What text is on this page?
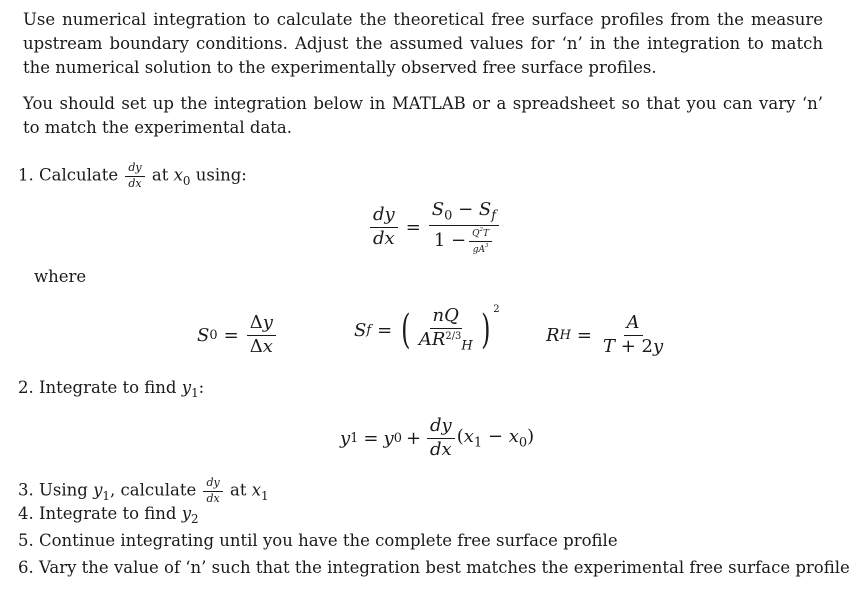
Use numerical integration to calculate the theoretical free surface profiles from the measure upstream boundary conditions. Adjust the assumed values for ‘n’ in the integration to match the numerical solution to the experimentally observed free surface profiles.
You should set up the integration below in MATLAB or a spreadsheet so that you can vary ‘n’ to match the experimental data.
1. Calculate $\frac{dy}{dx}$ at $x_0$ using:
$\frac{dy}{dx} = \frac{S_0 - S_f}{1 - \frac{Q^2T}{gA^3}}$
where
S $0 = \frac{\Delta y}{\Delta x}$	S f = ( $\frac{nQ}{AR^{2/3}_H}$ ) 2
R $H = \frac{A}{T + 2y}$
2. Integrate to find $y_1$:
y 1 = y $0 + \frac{dy}{dx} (x_1 - x_0)$
3. Using $y_1$, calculate $\frac{dy}{dx}$ at $x_1$
4. Integrate to find $y_2$
5. Continue integrating until you have the complete free surface profile
6. Vary the value of ‘n’ such that the integration best matches the experimental free surface profile
